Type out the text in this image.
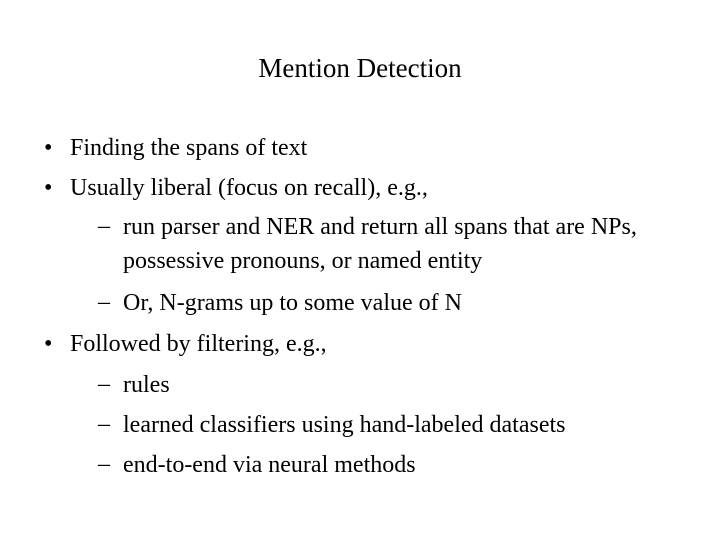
Mention Detection
• Finding the spans of text
• Usually liberal (focus on recall), e.g.,
– run parser and NER and return all spans that are NPs,
possessive pronouns, or named entity
– Or, N-grams up to some value of N
• Followed by filtering, e.g.,
– rules
– learned classifiers using hand-labeled datasets
– end-to-end via neural methods
